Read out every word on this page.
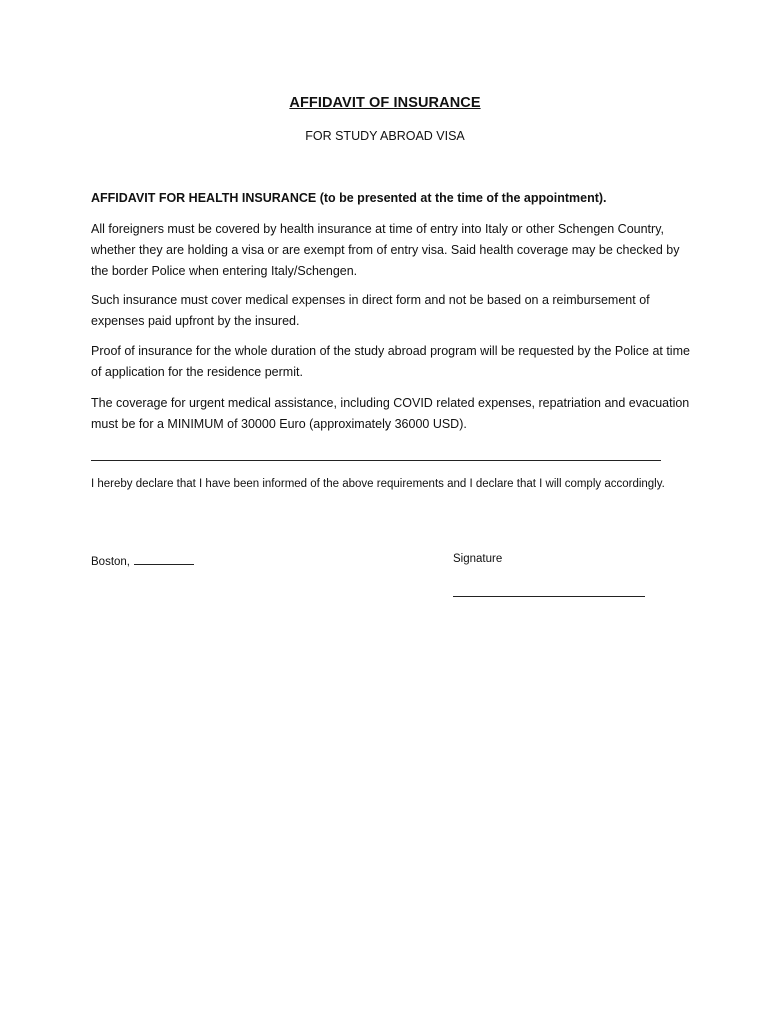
AFFIDAVIT OF INSURANCE
FOR STUDY ABROAD VISA
AFFIDAVIT FOR HEALTH INSURANCE (to be presented at the time of the appointment).
All foreigners must be covered by health insurance at time of entry into Italy or other Schengen Country, whether they are holding a visa or are exempt from of entry visa. Said health coverage may be checked by the border Police when entering Italy/Schengen.
Such insurance must cover medical expenses in direct form and not be based on a reimbursement of expenses paid upfront by the insured.
Proof of insurance for the whole duration of the study abroad program will be requested by the Police at time of application for the residence permit.
The coverage for urgent medical assistance, including COVID related expenses, repatriation and evacuation must be for a MINIMUM of 30000 Euro (approximately 36000 USD).
I hereby declare that I have been informed of the above requirements and I declare that I will comply accordingly.
Boston,	Signature
